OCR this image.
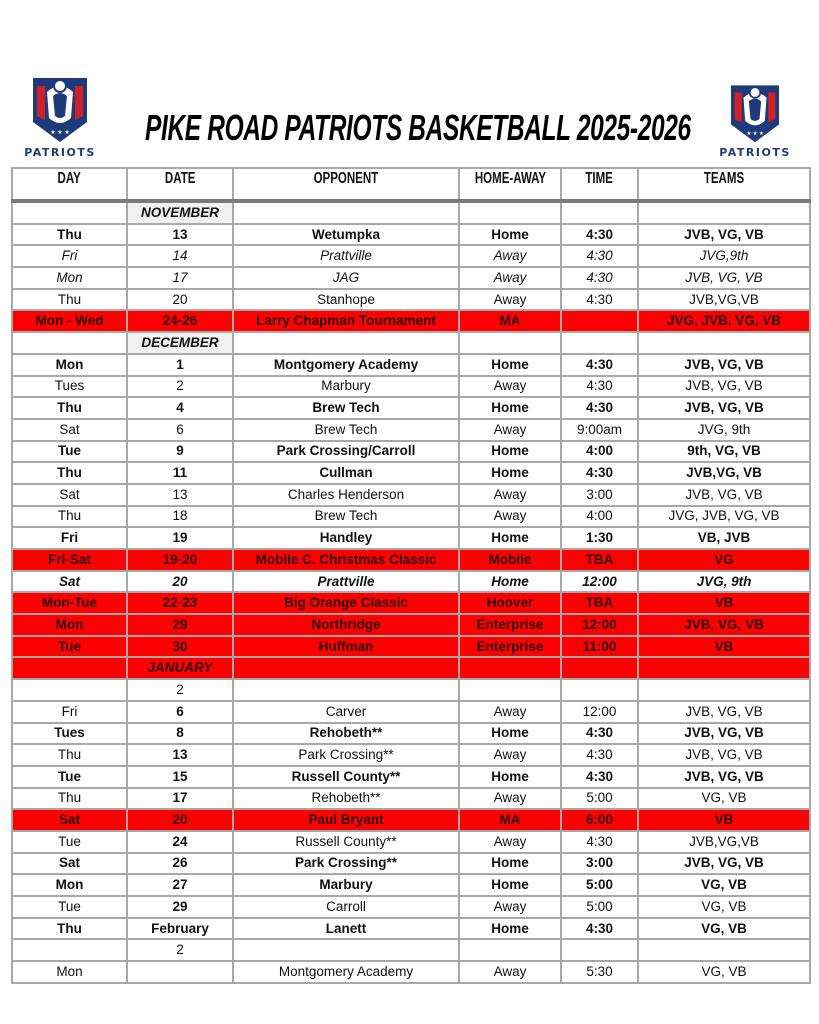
★ ★ ★
PATRIOTS
PIKE ROAD PATRIOTS BASKETBALL 2025-2026	★ ★ ★
PATRIOTS
DAY	DATE	OPPONENT	HOME-AWAY	TIME	TEAMS
	NOVEMBER				
Thu	13	Wetumpka	Home	4:30	JVB, VG, VB
Fri	14	Prattville	Away	4:30	JVG,9th
Mon	17	JAG	Away	4:30	JVB, VG, VB
Thu	20	Stanhope	Away	4:30	JVB,VG,VB
Mon - Wed	24-26	Larry Chapman Tournament	MA		JVG, JVB, VG, VB
	DECEMBER				
Mon	1	Montgomery Academy	Home	4:30	JVB, VG, VB
Tues	2	Marbury	Away	4:30	JVB, VG, VB
Thu	4	Brew Tech	Home	4:30	JVB, VG, VB
Sat	6	Brew Tech	Away	9:00am	JVG, 9th
Tue	9	Park Crossing/Carroll	Home	4:00	9th, VG, VB
Thu	11	Cullman	Home	4:30	JVB,VG, VB
Sat	13	Charles Henderson	Away	3:00	JVB, VG, VB
Thu	18	Brew Tech	Away	4:00	JVG, JVB, VG, VB
Fri	19	Handley	Home	1:30	VB, JVB
Fri-Sat	19-20	Mobile C. Christmas Classic	Mobile	TBA	VG
Sat	20	Prattville	Home	12:00	JVG, 9th
Mon-Tue	22-23	Big Orange Classic	Hoover	TBA	VB
Mon	29	Northridge	Enterprise	12:00	JVB, VG, VB
Tue	30	Huffman	Enterprise	11:00	VB
	JANUARY				
	2				
Fri	6	Carver	Away	12:00	JVB, VG, VB
Tues	8	Rehobeth**	Home	4:30	JVB, VG, VB
Thu	13	Park Crossing**	Away	4:30	JVB, VG, VB
Tue	15	Russell County**	Home	4:30	JVB, VG, VB
Thu	17	Rehobeth**	Away	5:00	VG, VB
Sat	20	Paul Bryant	MA	6:00	VB
Tue	24	Russell County**	Away	4:30	JVB,VG,VB
Sat	26	Park Crossing**	Home	3:00	JVB, VG, VB
Mon	27	Marbury	Home	5:00	VG, VB
Tue	29	Carroll	Away	5:00	VG, VB
Thu	February	Lanett	Home	4:30	VG, VB
	2				
Mon		Montgomery Academy	Away	5:30	VG, VB
